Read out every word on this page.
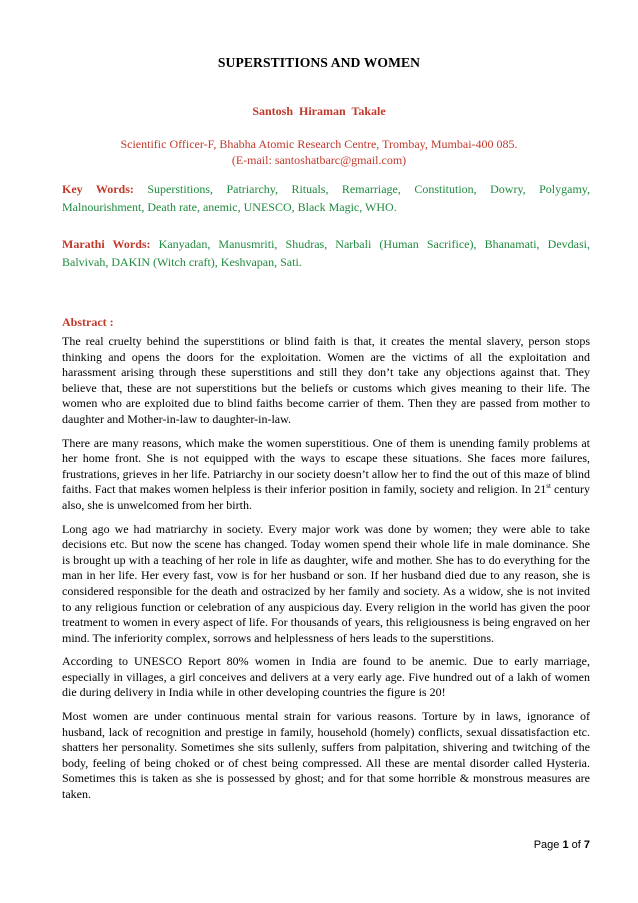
SUPERSTITIONS AND WOMEN
Santosh Hiraman Takale
Scientific Officer-F, Bhabha Atomic Research Centre, Trombay, Mumbai-400 085.
(E-mail: santoshatbarc@gmail.com)
Key Words: Superstitions, Patriarchy, Rituals, Remarriage, Constitution, Dowry, Polygamy, Malnourishment, Death rate, anemic, UNESCO, Black Magic, WHO.
Marathi Words: Kanyadan, Manusmriti, Shudras, Narbali (Human Sacrifice), Bhanamati, Devdasi, Balvivah, DAKIN (Witch craft), Keshvapan, Sati.
Abstract :

The real cruelty behind the superstitions or blind faith is that, it creates the mental slavery, person stops thinking and opens the doors for the exploitation. Women are the victims of all the exploitation and harassment arising through these superstitions and still they don’t take any objections against that. They believe that, these are not superstitions but the beliefs or customs which gives meaning to their life. The women who are exploited due to blind faiths become carrier of them. Then they are passed from mother to daughter and Mother-in-law to daughter-in-law.

There are many reasons, which make the women superstitious. One of them is unending family problems at her home front. She is not equipped with the ways to escape these situations. She faces more failures, frustrations, grieves in her life. Patriarchy in our society doesn’t allow her to find the out of this maze of blind faiths. Fact that makes women helpless is their inferior position in family, society and religion. In 21st century also, she is unwelcomed from her birth.

Long ago we had matriarchy in society. Every major work was done by women; they were able to take decisions etc. But now the scene has changed. Today women spend their whole life in male dominance. She is brought up with a teaching of her role in life as daughter, wife and mother. She has to do everything for the man in her life. Her every fast, vow is for her husband or son. If her husband died due to any reason, she is considered responsible for the death and ostracized by her family and society. As a widow, she is not invited to any religious function or celebration of any auspicious day. Every religion in the world has given the poor treatment to women in every aspect of life. For thousands of years, this religiousness is being engraved on her mind. The inferiority complex, sorrows and helplessness of hers leads to the superstitions.

According to UNESCO Report 80% women in India are found to be anemic. Due to early marriage, especially in villages, a girl conceives and delivers at a very early age. Five hundred out of a lakh of women die during delivery in India while in other developing countries the figure is 20!

Most women are under continuous mental strain for various reasons. Torture by in laws, ignorance of husband, lack of recognition and prestige in family, household (homely) conflicts, sexual dissatisfaction etc. shatters her personality. Sometimes she sits sullenly, suffers from palpitation, shivering and twitching of the body, feeling of being choked or of chest being compressed. All these are mental disorder called Hysteria. Sometimes this is taken as she is possessed by ghost; and for that some horrible & monstrous measures are taken.

Page 1 of 7
